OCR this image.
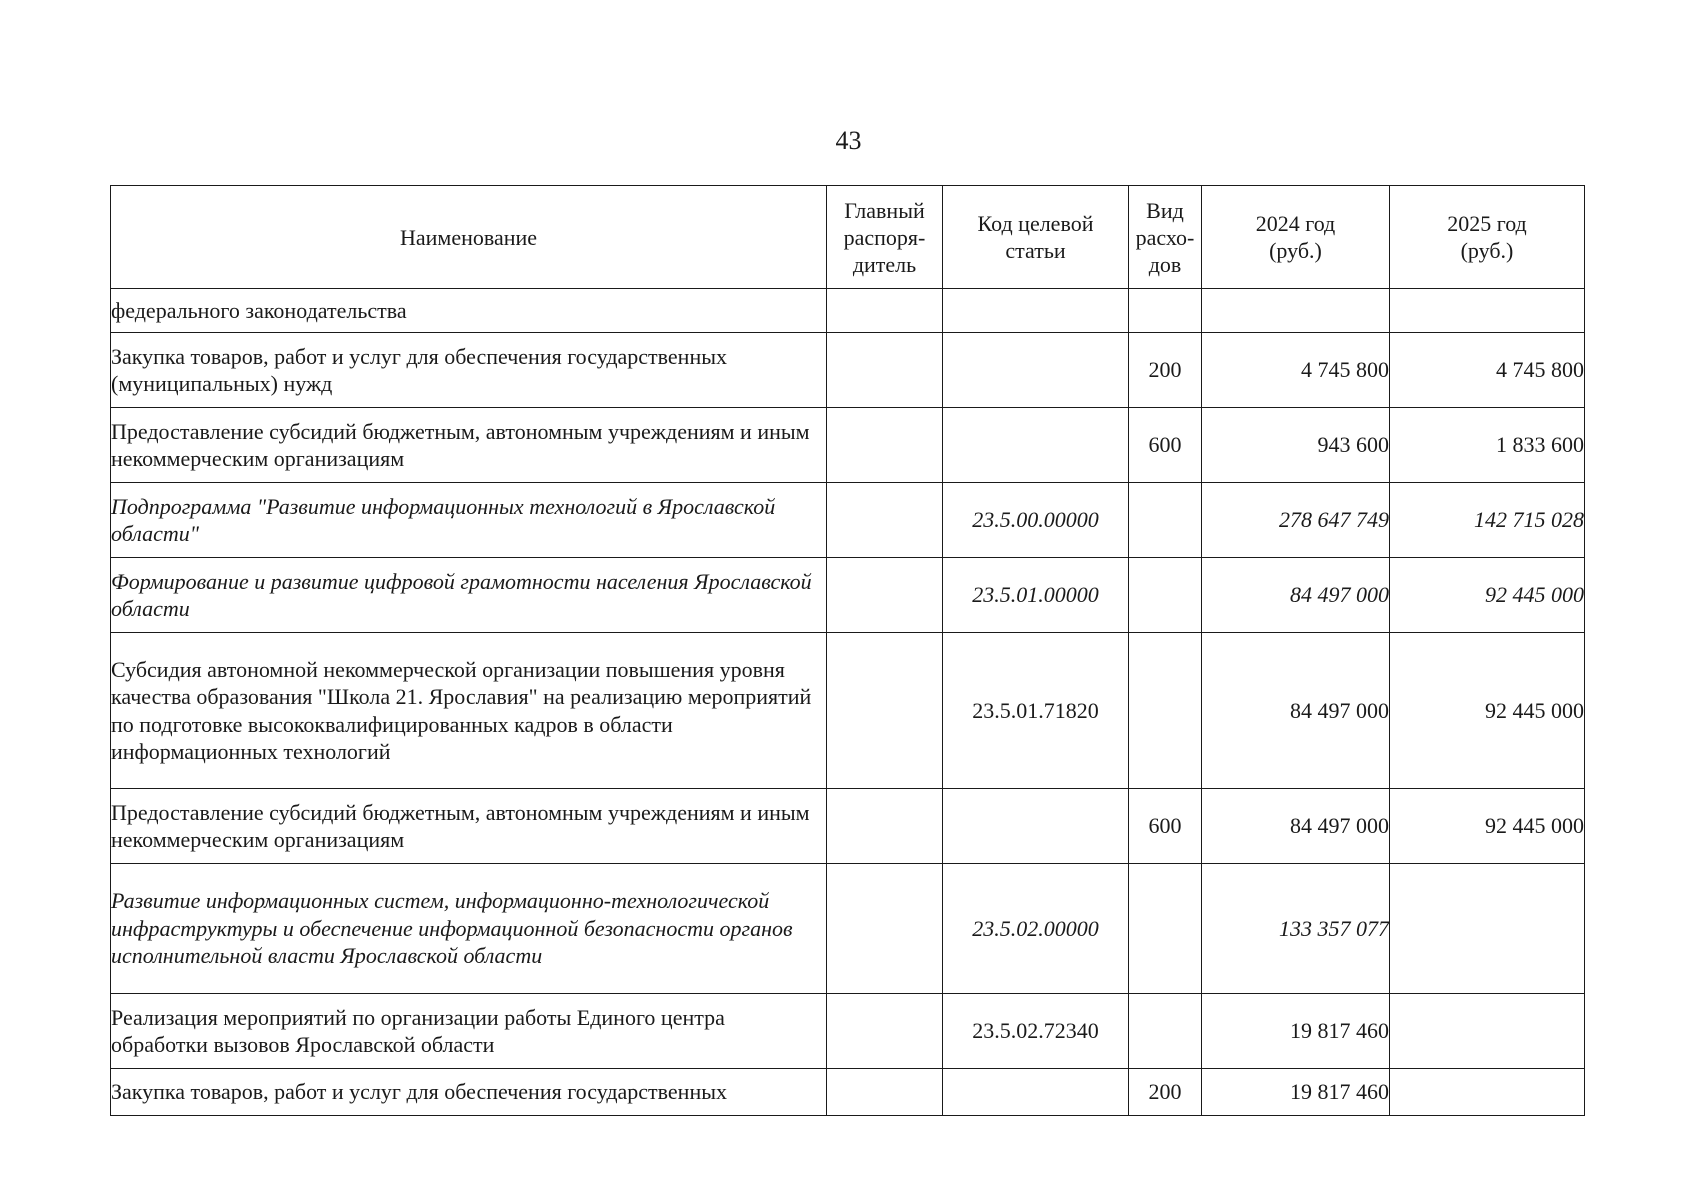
43
Наименование	Главный распоря-дитель	Код целевой статьи	Вид расхо-дов	2024 год (руб.)	2025 год (руб.)

федерального законодательства					
Закупка товаров, работ и услуг для обеспечения государственных (муниципальных) нужд			200	4 745 800	4 745 800
Предоставление субсидий бюджетным, автономным учреждениям и иным некоммерческим организациям			600	943 600	1 833 600
Подпрограмма "Развитие информационных технологий в Ярославской области"		23.5.00.00000		278 647 749	142 715 028
Формирование и развитие цифровой грамотности населения Ярославской области		23.5.01.00000		84 497 000	92 445 000
Субсидия автономной некоммерческой организации повышения уровня качества образования "Школа 21. Ярославия" на реализацию мероприятий по подготовке высококвалифицированных кадров в области информационных технологий		23.5.01.71820		84 497 000	92 445 000
Предоставление субсидий бюджетным, автономным учреждениям и иным некоммерческим организациям			600	84 497 000	92 445 000
Развитие информационных систем, информационно-технологической инфраструктуры и обеспечение информационной безопасности органов исполнительной власти Ярославской области		23.5.02.00000		133 357 077	
Реализация мероприятий по организации работы Единого центра обработки вызовов Ярославской области		23.5.02.72340		19 817 460	
Закупка товаров, работ и услуг для обеспечения государственных			200	19 817 460	
